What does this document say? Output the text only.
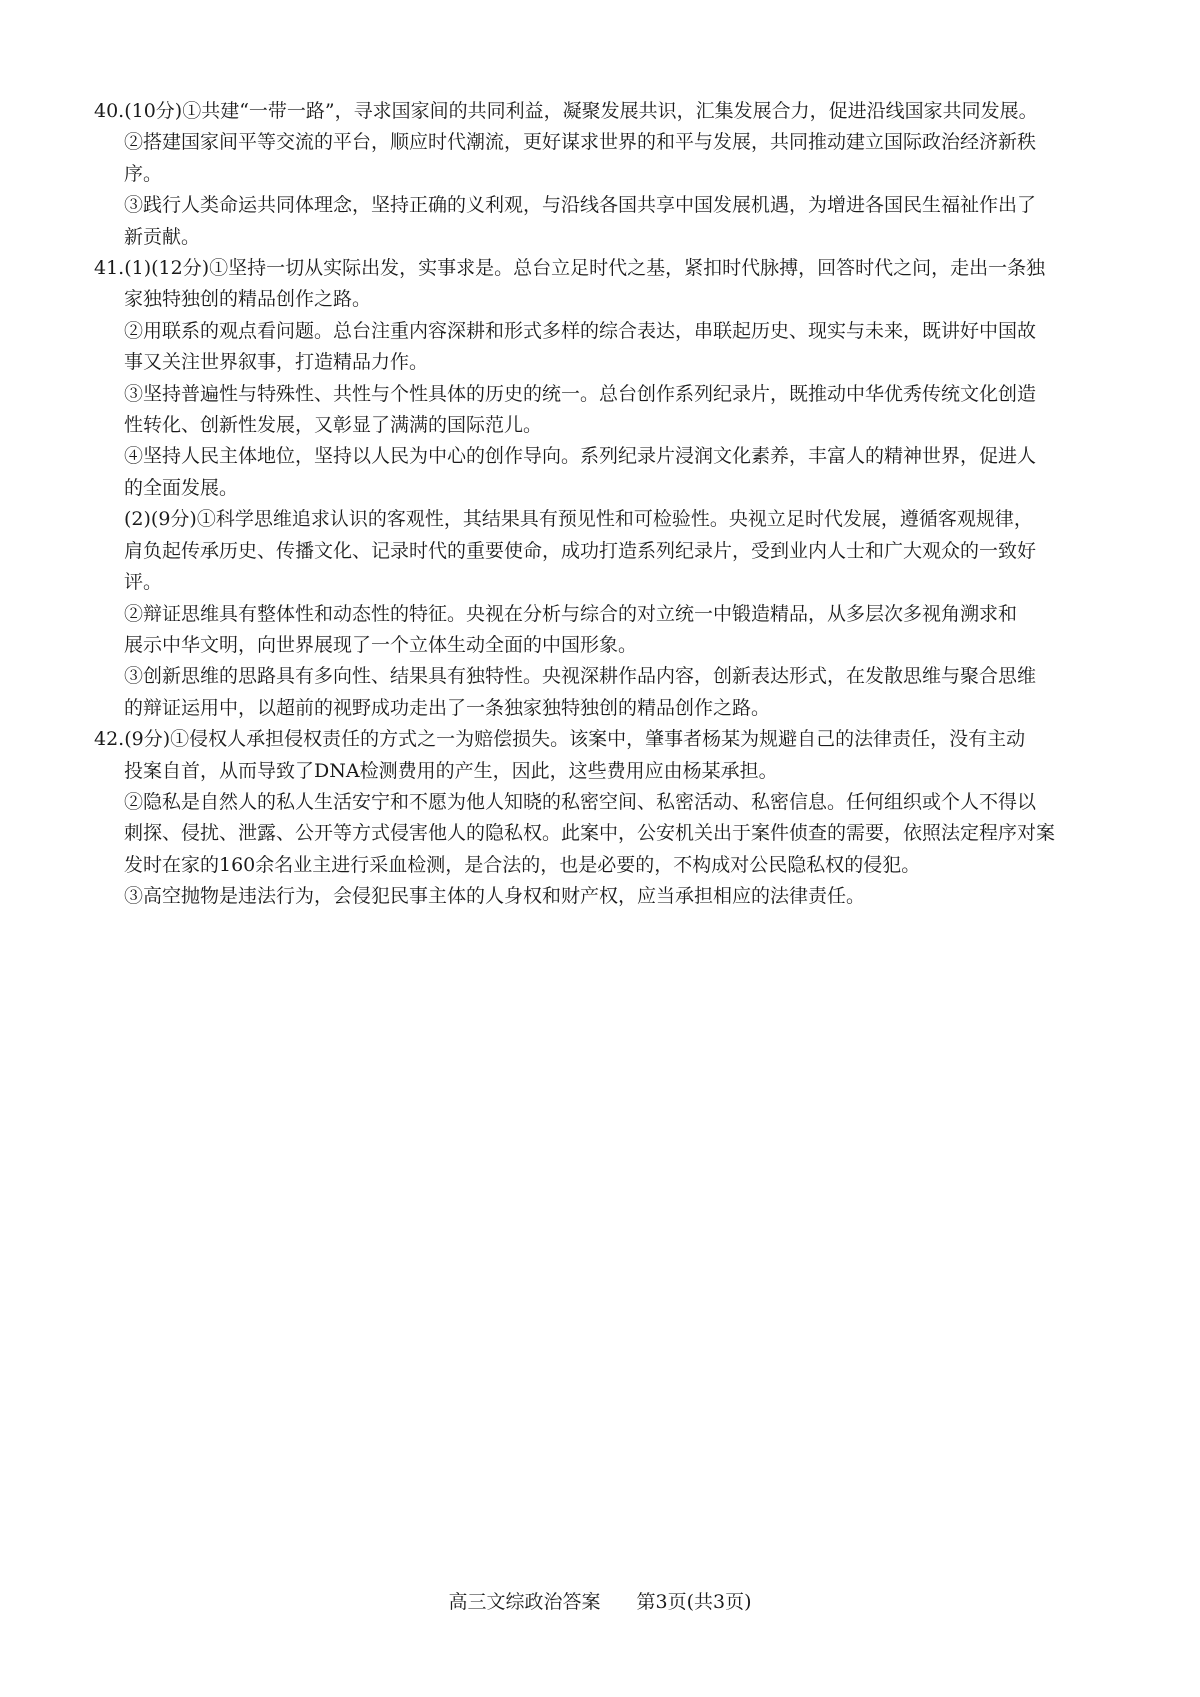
40.(10分)①共建“一带一路”，寻求国家间的共同利益，凝聚发展共识，汇集发展合力，促进沿线国家共同发展。
②搭建国家间平等交流的平台，顺应时代潮流，更好谋求世界的和平与发展，共同推动建立国际政治经济新秩
序。
③践行人类命运共同体理念，坚持正确的义利观，与沿线各国共享中国发展机遇，为增进各国民生福祉作出了
新贡献。
41.(1)(12分)①坚持一切从实际出发，实事求是。总台立足时代之基，紧扣时代脉搏，回答时代之问，走出一条独
家独特独创的精品创作之路。
②用联系的观点看问题。总台注重内容深耕和形式多样的综合表达，串联起历史、现实与未来，既讲好中国故
事又关注世界叙事，打造精品力作。
③坚持普遍性与特殊性、共性与个性具体的历史的统一。总台创作系列纪录片，既推动中华优秀传统文化创造
性转化、创新性发展，又彰显了满满的国际范儿。
④坚持人民主体地位，坚持以人民为中心的创作导向。系列纪录片浸润文化素养，丰富人的精神世界，促进人
的全面发展。
(2)(9分)①科学思维追求认识的客观性，其结果具有预见性和可检验性。央视立足时代发展，遵循客观规律，
肩负起传承历史、传播文化、记录时代的重要使命，成功打造系列纪录片，受到业内人士和广大观众的一致好
评。
②辩证思维具有整体性和动态性的特征。央视在分析与综合的对立统一中锻造精品，从多层次多视角溯求和
展示中华文明，向世界展现了一个立体生动全面的中国形象。
③创新思维的思路具有多向性、结果具有独特性。央视深耕作品内容，创新表达形式，在发散思维与聚合思维
的辩证运用中，以超前的视野成功走出了一条独家独特独创的精品创作之路。
42.(9分)①侵权人承担侵权责任的方式之一为赔偿损失。该案中，肇事者杨某为规避自己的法律责任，没有主动
投案自首，从而导致了DNA检测费用的产生，因此，这些费用应由杨某承担。
②隐私是自然人的私人生活安宁和不愿为他人知晓的私密空间、私密活动、私密信息。任何组织或个人不得以
刺探、侵扰、泄露、公开等方式侵害他人的隐私权。此案中，公安机关出于案件侦查的需要，依照法定程序对案
发时在家的160余名业主进行采血检测，是合法的，也是必要的，不构成对公民隐私权的侵犯。
③高空抛物是违法行为，会侵犯民事主体的人身权和财产权，应当承担相应的法律责任。
高三文综政治答案 第3页(共3页)
